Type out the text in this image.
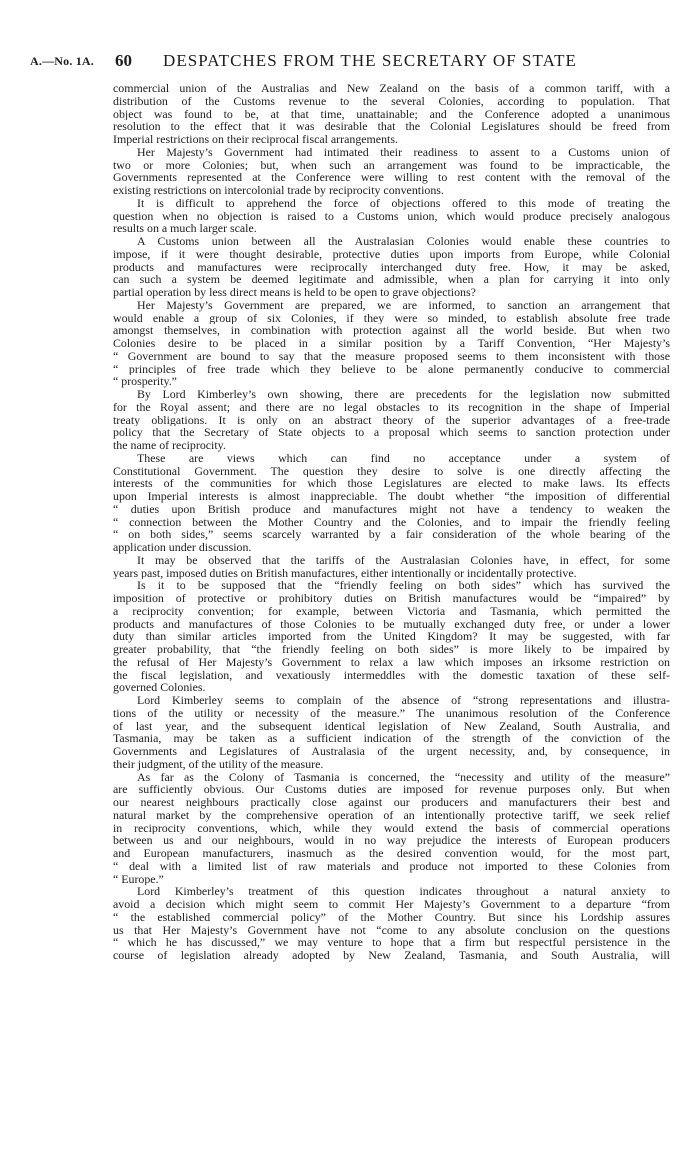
A.—No. 1A. 60 DESPATCHES FROM THE SECRETARY OF STATE
commercial union of the Australias and New Zealand on the basis of a common tariff, with a
distribution of the Customs revenue to the several Colonies, according to population. That
object was found to be, at that time, unattainable; and the Conference adopted a unanimous
resolution to the effect that it was desirable that the Colonial Legislatures should be freed from
Imperial restrictions on their reciprocal fiscal arrangements.
Her Majesty’s Government had intimated their readiness to assent to a Customs union of
two or more Colonies; but, when such an arrangement was found to be impracticable, the
Governments represented at the Conference were willing to rest content with the removal of the
existing restrictions on intercolonial trade by reciprocity conventions.
It is difficult to apprehend the force of objections offered to this mode of treating the
question when no objection is raised to a Customs union, which would produce precisely analogous
results on a much larger scale.
A Customs union between all the Australasian Colonies would enable these countries to
impose, if it were thought desirable, protective duties upon imports from Europe, while Colonial
products and manufactures were reciprocally interchanged duty free. How, it may be asked,
can such a system be deemed legitimate and admissible, when a plan for carrying it into only
partial operation by less direct means is held to be open to grave objections?
Her Majesty’s Government are prepared, we are informed, to sanction an arrangement that
would enable a group of six Colonies, if they were so minded, to establish absolute free trade
amongst themselves, in combination with protection against all the world beside. But when two
Colonies desire to be placed in a similar position by a Tariff Convention, “Her Majesty’s
“ Government are bound to say that the measure proposed seems to them inconsistent with those
“ principles of free trade which they believe to be alone permanently conducive to commercial
“ prosperity.”
By Lord Kimberley’s own showing, there are precedents for the legislation now submitted
for the Royal assent; and there are no legal obstacles to its recognition in the shape of Imperial
treaty obligations. It is only on an abstract theory of the superior advantages of a free-trade
policy that the Secretary of State objects to a proposal which seems to sanction protection under
the name of reciprocity.
These are views which can find no acceptance under a system of
Constitutional Government. The question they desire to solve is one directly affecting the
interests of the communities for which those Legislatures are elected to make laws. Its effects
upon Imperial interests is almost inappreciable. The doubt whether “the imposition of differential
“ duties upon British produce and manufactures might not have a tendency to weaken the
“ connection between the Mother Country and the Colonies, and to impair the friendly feeling
“ on both sides,” seems scarcely warranted by a fair consideration of the whole bearing of the
application under discussion.
It may be observed that the tariffs of the Australasian Colonies have, in effect, for some
years past, imposed duties on British manufactures, either intentionally or incidentally protective.
Is it to be supposed that the “friendly feeling on both sides” which has survived the
imposition of protective or prohibitory duties on British manufactures would be “impaired” by
a reciprocity convention; for example, between Victoria and Tasmania, which permitted the
products and manufactures of those Colonies to be mutually exchanged duty free, or under a lower
duty than similar articles imported from the United Kingdom? It may be suggested, with far
greater probability, that “the friendly feeling on both sides” is more likely to be impaired by
the refusal of Her Majesty’s Government to relax a law which imposes an irksome restriction on
the fiscal legislation, and vexatiously intermeddles with the domestic taxation of these self-
governed Colonies.
Lord Kimberley seems to complain of the absence of “strong representations and illustra-
tions of the utility or necessity of the measure.” The unanimous resolution of the Conference
of last year, and the subsequent identical legislation of New Zealand, South Australia, and
Tasmania, may be taken as a sufficient indication of the strength of the conviction of the
Governments and Legislatures of Australasia of the urgent necessity, and, by consequence, in
their judgment, of the utility of the measure.
As far as the Colony of Tasmania is concerned, the “necessity and utility of the measure”
are sufficiently obvious. Our Customs duties are imposed for revenue purposes only. But when
our nearest neighbours practically close against our producers and manufacturers their best and
natural market by the comprehensive operation of an intentionally protective tariff, we seek relief
in reciprocity conventions, which, while they would extend the basis of commercial operations
between us and our neighbours, would in no way prejudice the interests of European producers
and European manufacturers, inasmuch as the desired convention would, for the most part,
“ deal with a limited list of raw materials and produce not imported to these Colonies from
“ Europe.”
Lord Kimberley’s treatment of this question indicates throughout a natural anxiety to
avoid a decision which might seem to commit Her Majesty’s Government to a departure “from
“ the established commercial policy” of the Mother Country. But since his Lordship assures
us that Her Majesty’s Government have not “come to any absolute conclusion on the questions
“ which he has discussed,” we may venture to hope that a firm but respectful persistence in the
course of legislation already adopted by New Zealand, Tasmania, and South Australia, will
